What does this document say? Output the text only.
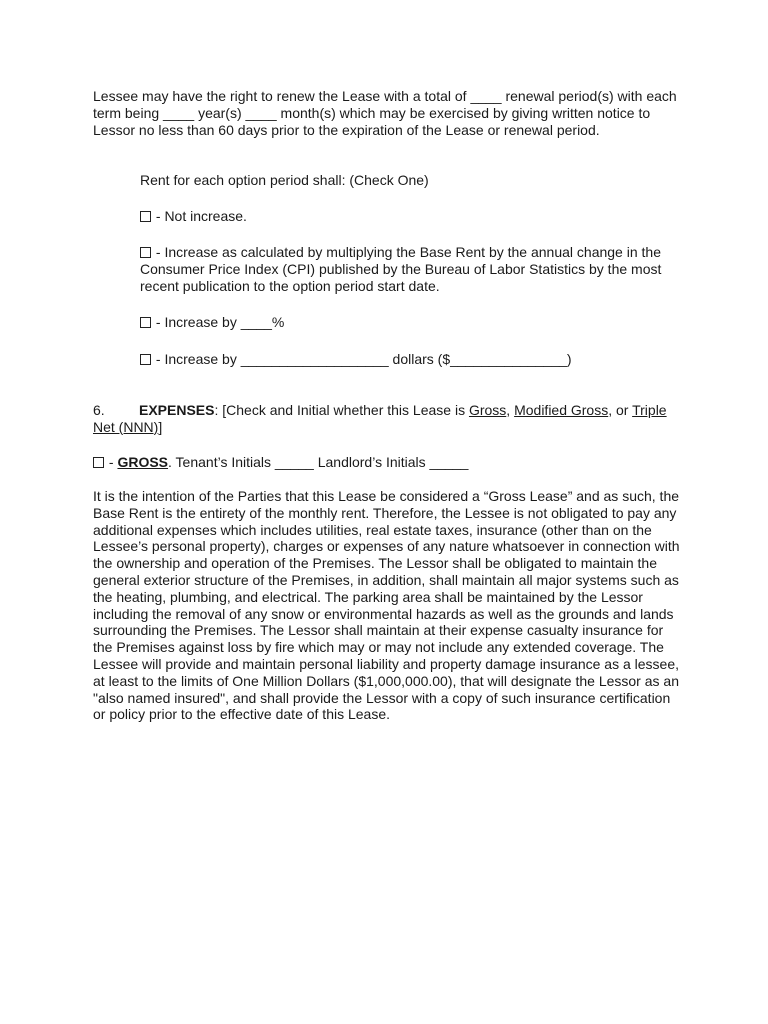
Lessee may have the right to renew the Lease with a total of ____ renewal period(s) with each term being ____ year(s) ____ month(s) which may be exercised by giving written notice to Lessor no less than 60 days prior to the expiration of the Lease or renewal period.

Rent for each option period shall: (Check One)

- Not increase.

- Increase as calculated by multiplying the Base Rent by the annual change in the Consumer Price Index (CPI) published by the Bureau of Labor Statistics by the most recent publication to the option period start date.

- Increase by ____%

- Increase by ___________________ dollars ($_______________)

6. EXPENSES: [Check and Initial whether this Lease is Gross, Modified Gross, or Triple Net (NNN)]

- GROSS. Tenant’s Initials _____ Landlord’s Initials _____

It is the intention of the Parties that this Lease be considered a “Gross Lease” and as such, the Base Rent is the entirety of the monthly rent. Therefore, the Lessee is not obligated to pay any additional expenses which includes utilities, real estate taxes, insurance (other than on the Lessee’s personal property), charges or expenses of any nature whatsoever in connection with the ownership and operation of the Premises. The Lessor shall be obligated to maintain the general exterior structure of the Premises, in addition, shall maintain all major systems such as the heating, plumbing, and electrical. The parking area shall be maintained by the Lessor including the removal of any snow or environmental hazards as well as the grounds and lands surrounding the Premises. The Lessor shall maintain at their expense casualty insurance for the Premises against loss by fire which may or may not include any extended coverage. The Lessee will provide and maintain personal liability and property damage insurance as a lessee, at least to the limits of One Million Dollars ($1,000,000.00), that will designate the Lessor as an "also named insured", and shall provide the Lessor with a copy of such insurance certification or policy prior to the effective date of this Lease.
